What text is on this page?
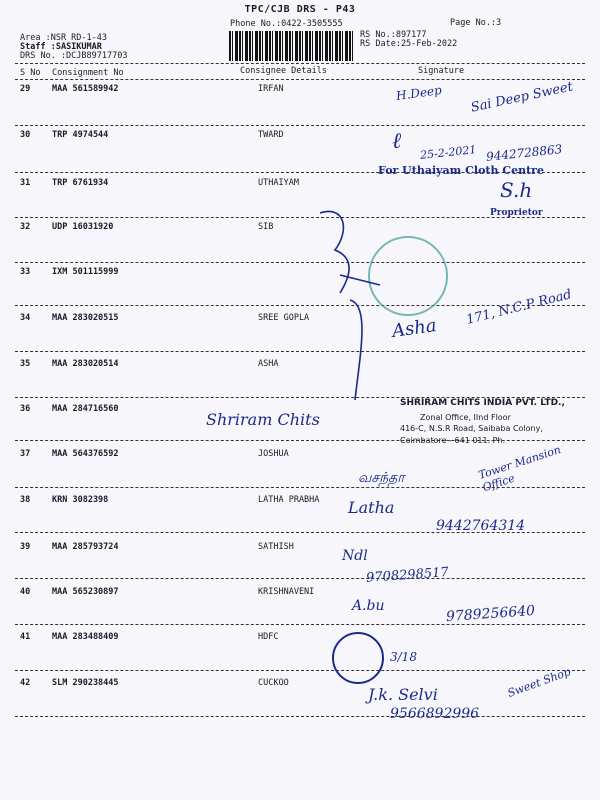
TPC/CJB DRS - P43
Phone No.:0422-3505555	Page No.:3
Area :NSR RD-1-43
Staff :SASIKUMAR
DRS No. :DCJB89717703
RS No.:897177
RS Date:25-Feb-2022
S No Consignment No	Consignee Details	Signature
29	MAA 561589942	IRFAN
30	TRP 4974544	TWARD
31	TRP 6761934	UTHAIYAM
32	UDP 16031920	SIB
33	IXM 501115999
34	MAA 283020515	SREE GOPLA
35	MAA 283020514	ASHA
36	MAA 284716560
37	MAA 564376592	JOSHUA
38	KRN 3082398	LATHA PRABHA
39	MAA 285793724	SATHISH
40	MAA 565230897	KRISHNAVENI
41	MAA 283488409	HDFC
42	SLM 290238445	CUCKOO
H.Deep Sai Deep Sweet
ℓ 25-2-2021 9442728863
For Uthaiyam Cloth Centre
S.h
Proprietor
Asha
171, N.C.P Road
SHRIRAM CHITS INDIA PVT. LTD.,
Zonal Office, IInd Floor
416-C, N.S.R Road, Saibaba Colony,
Coimbatore - 641 011. Ph.
Shriram Chits
Tower Mansion Office
வசந்தா
Latha
9442764314
Ndl
9708298517
A.bu	9789256640
3/18
J.k. Selvi	Sweet Shop
9566892996
